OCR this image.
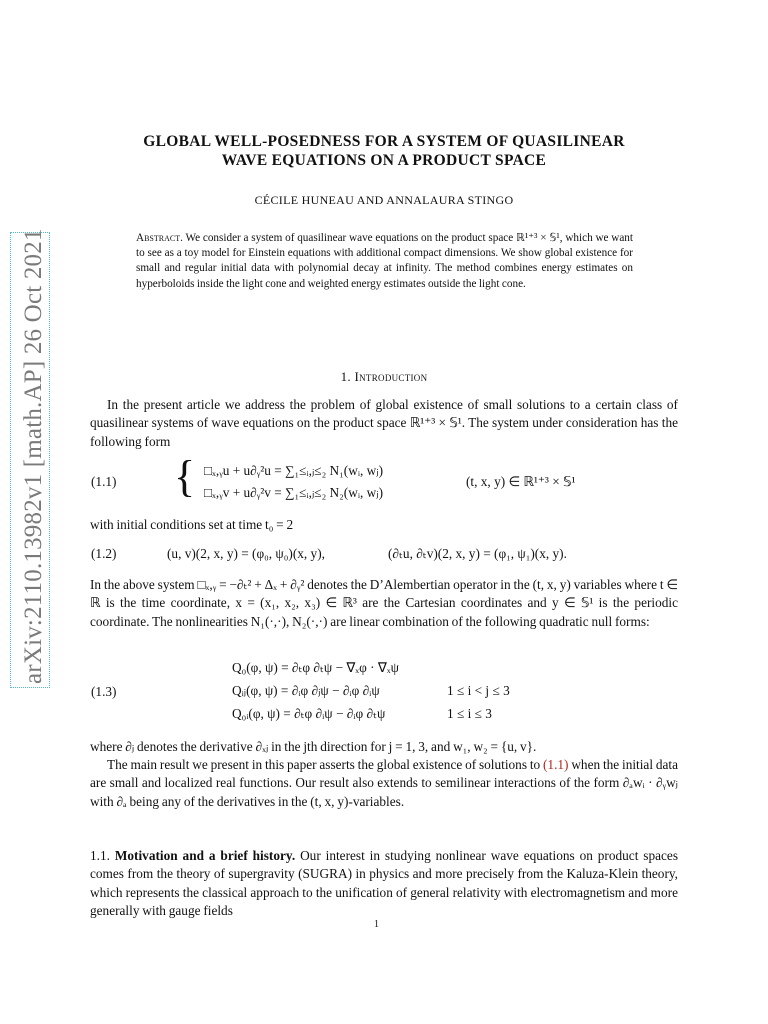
arXiv:2110.13982v1 [math.AP] 26 Oct 2021
GLOBAL WELL-POSEDNESS FOR A SYSTEM OF QUASILINEAR
WAVE EQUATIONS ON A PRODUCT SPACE
CÉCILE HUNEAU AND ANNALAURA STINGO
Abstract. We consider a system of quasilinear wave equations on the product space ℝ¹⁺³ × 𝕊¹, which we want to see as a toy model for Einstein equations with additional compact dimensions. We show global existence for small and regular initial data with polynomial decay at infinity. The method combines energy estimates on hyperboloids inside the light cone and weighted energy estimates outside the light cone.
1. Introduction
In the present article we address the problem of global existence of small solutions to a certain class of quasilinear systems of wave equations on the product space ℝ¹⁺³ × 𝕊¹. The system under consideration has the following form
(1.1) { □ₓ,ᵧu + u∂ᵧ²u = ∑₁≤ᵢ,ⱼ≤₂ N₁(wᵢ, wⱼ)
□ₓ,ᵧv + u∂ᵧ²v = ∑₁≤ᵢ,ⱼ≤₂ N₂(wᵢ, wⱼ)
(t, x, y) ∈ ℝ¹⁺³ × 𝕊¹
with initial conditions set at time t₀ = 2
(1.2)	(u, v)(2, x, y) = (φ₀, ψ₀)(x, y),	(∂ₜu, ∂ₜv)(2, x, y) = (φ₁, ψ₁)(x, y).
In the above system □ₓ,ᵧ = −∂ₜ² + Δₓ + ∂ᵧ² denotes the D’Alembertian operator in the (t, x, y) variables where t ∈ ℝ is the time coordinate, x = (x₁, x₂, x₃) ∈ ℝ³ are the Cartesian coordinates and y ∈ 𝕊¹ is the periodic coordinate. The nonlinearities N₁(·,·), N₂(·,·) are linear combination of the following quadratic null forms:
(1.3)
Q₀(φ, ψ) = ∂ₜφ ∂ₜψ − ∇ₓφ · ∇ₓψ
Qᵢⱼ(φ, ψ) = ∂ᵢφ ∂ⱼψ − ∂ᵢφ ∂ᵢψ	1 ≤ i < j ≤ 3
Q₀ᵢ(φ, ψ) = ∂ₜφ ∂ᵢψ − ∂ᵢφ ∂ₜψ	1 ≤ i ≤ 3
where ∂ⱼ denotes the derivative ∂ₓⱼ in the jth direction for j = 1, 3, and w₁, w₂ = {u, v}.
The main result we present in this paper asserts the global existence of solutions to (1.1) when the initial data are small and localized real functions. Our result also extends to semilinear interactions of the form ∂ₐwᵢ · ∂ᵧwⱼ with ∂ₐ being any of the derivatives in the (t, x, y)-variables.
1.1. Motivation and a brief history. Our interest in studying nonlinear wave equations on product spaces comes from the theory of supergravity (SUGRA) in physics and more precisely from the Kaluza-Klein theory, which represents the classical approach to the unification of general relativity with electromagnetism and more generally with gauge fields
1
